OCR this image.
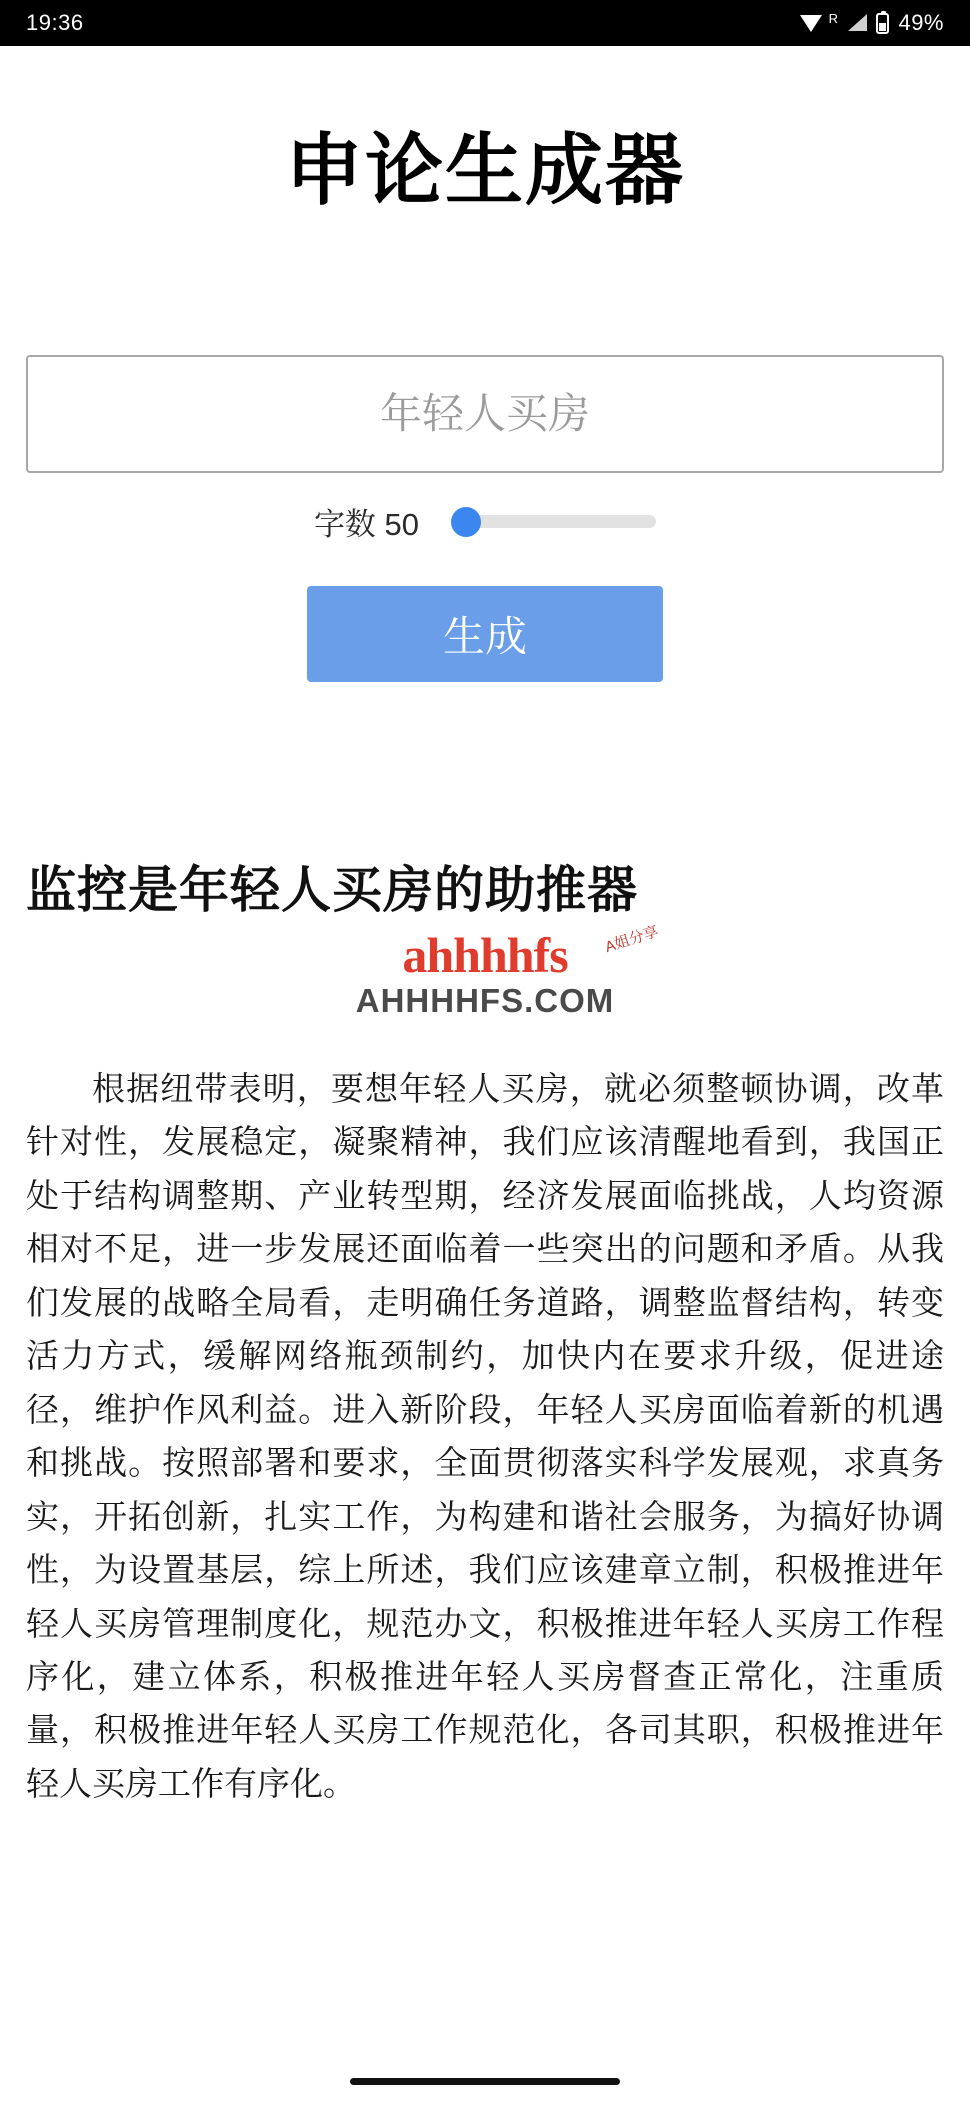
19:36	R	49%
申论生成器
年轻人买房
字数 50
生成
监控是年轻人买房的助推器
ahhhhfs A姐分享
AHHHHFS.COM

根据纽带表明，要想年轻人买房，就必须整顿协调，改革针对性，发展稳定，凝聚精神，我们应该清醒地看到，我国正处于结构调整期、产业转型期，经济发展面临挑战，人均资源相对不足，进一步发展还面临着一些突出的问题和矛盾。从我们发展的战略全局看，走明确任务道路，调整监督结构，转变活力方式，缓解网络瓶颈制约，加快内在要求升级，促进途径，维护作风利益。进入新阶段，年轻人买房面临着新的机遇和挑战。按照部署和要求，全面贯彻落实科学发展观，求真务实，开拓创新，扎实工作，为构建和谐社会服务，为搞好协调性，为设置基层，综上所述，我们应该建章立制，积极推进年轻人买房管理制度化，规范办文，积极推进年轻人买房工作程序化，建立体系，积极推进年轻人买房督查正常化，注重质量，积极推进年轻人买房工作规范化，各司其职，积极推进年轻人买房工作有序化。
